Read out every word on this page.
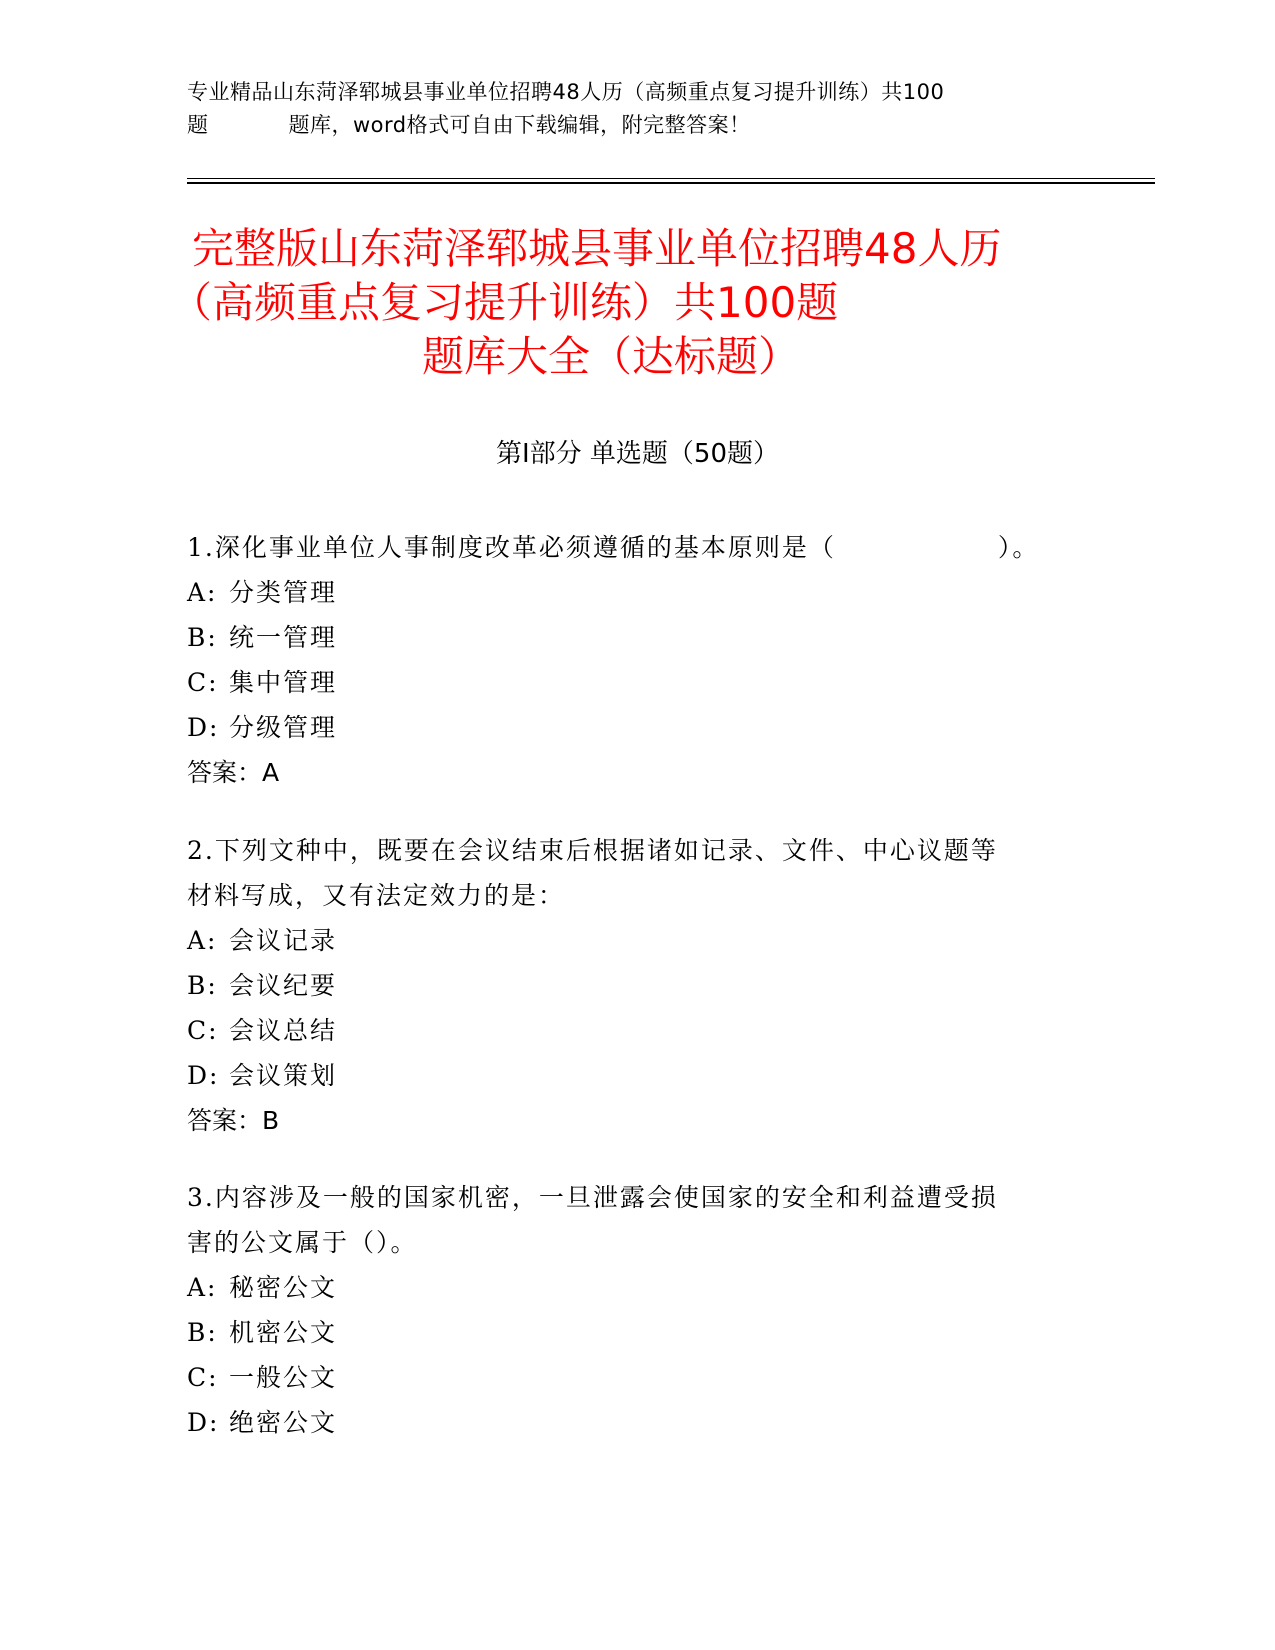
专业精品山东菏泽郓城县事业单位招聘48人历（高频重点复习提升训练）共100
题	题库，word格式可自由下载编辑，附完整答案！
完整版山东菏泽郓城县事业单位招聘48人历
（高频重点复习提升训练）共100题
题库大全（达标题）
第Ⅰ部分 单选题（50题）

1.深化事业单位人事制度改革必须遵循的基本原则是（　　　　　　）。

A: 分类管理

B: 统一管理

C: 集中管理

D: 分级管理

答案：A

2.下列文种中，既要在会议结束后根据诸如记录、文件、中心议题等

材料写成，又有法定效力的是：

A: 会议记录

B: 会议纪要

C: 会议总结

D: 会议策划

答案：B

3.内容涉及一般的国家机密，一旦泄露会使国家的安全和利益遭受损

害的公文属于（）。

A: 秘密公文

B: 机密公文

C: 一般公文

D: 绝密公文
